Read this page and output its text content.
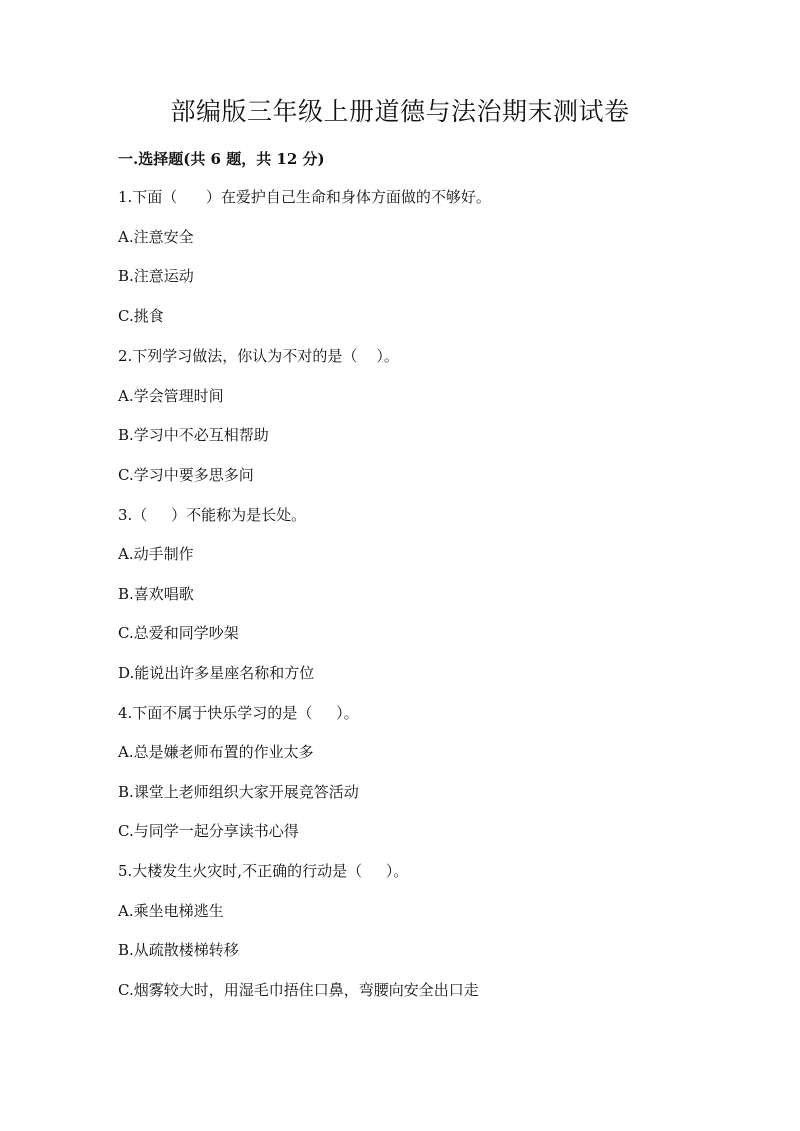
部编版三年级上册道德与法治期末测试卷
一.选择题(共 6 题，共 12 分)
1.下面（      ）在爱护自己生命和身体方面做的不够好。
A.注意安全
B.注意运动
C.挑食
2.下列学习做法，你认为不对的是（    ）。
A.学会管理时间
B.学习中不必互相帮助
C.学习中要多思多问
3.（     ）不能称为是长处。
A.动手制作
B.喜欢唱歌
C.总爱和同学吵架
D.能说出许多星座名称和方位
4.下面不属于快乐学习的是（     ）。
A.总是嫌老师布置的作业太多
B.课堂上老师组织大家开展竞答活动
C.与同学一起分享读书心得
5.大楼发生火灾时,不正确的行动是（     ）。
A.乘坐电梯逃生
B.从疏散楼梯转移
C.烟雾较大时，用湿毛巾捂住口鼻，弯腰向安全出口走
